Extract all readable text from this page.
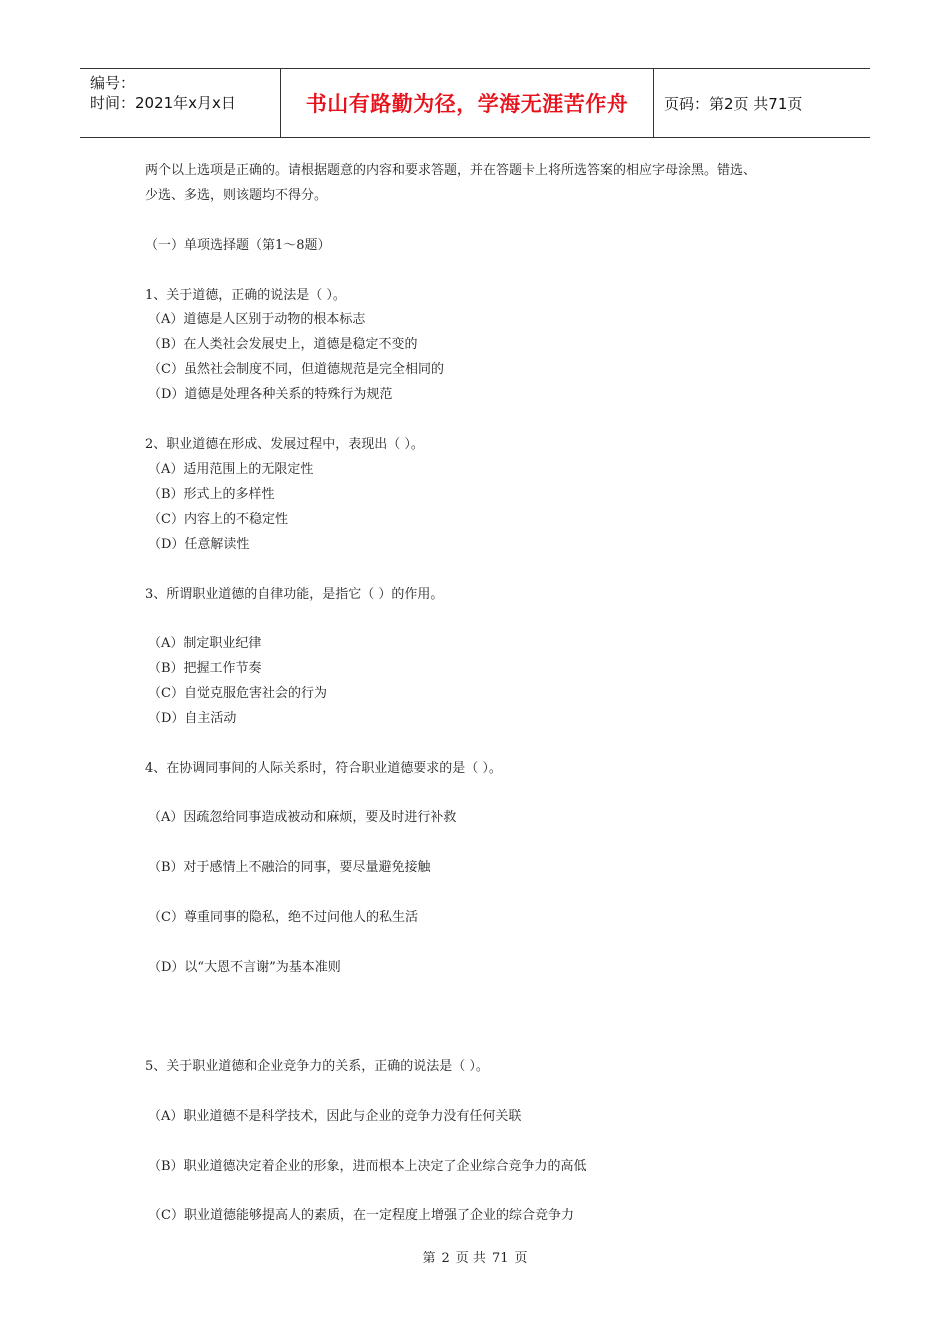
编号：
时间：2021年x月x日	书山有路勤为径，学海无涯苦作舟	页码：第2页 共71页
两个以上选项是正确的。请根据题意的内容和要求答题，并在答题卡上将所选答案的相应字母涂黑。错选、
少选、多选，则该题均不得分。
（一）单项选择题（第1～8题）
1、关于道德，正确的说法是（ ）。
（A）道德是人区别于动物的根本标志
（B）在人类社会发展史上，道德是稳定不变的
（C）虽然社会制度不同，但道德规范是完全相同的
（D）道德是处理各种关系的特殊行为规范
2、职业道德在形成、发展过程中，表现出（ ）。
（A）适用范围上的无限定性
（B）形式上的多样性
（C）内容上的不稳定性
（D）任意解读性
3、所谓职业道德的自律功能，是指它（ ）的作用。
（A）制定职业纪律
（B）把握工作节奏
（C）自觉克服危害社会的行为
（D）自主活动
4、在协调同事间的人际关系时，符合职业道德要求的是（ ）。
（A）因疏忽给同事造成被动和麻烦，要及时进行补救
（B）对于感情上不融洽的同事，要尽量避免接触
（C）尊重同事的隐私，绝不过问他人的私生活
（D）以“大恩不言谢”为基本准则
5、关于职业道德和企业竞争力的关系，正确的说法是（ ）。
（A）职业道德不是科学技术，因此与企业的竞争力没有任何关联
（B）职业道德决定着企业的形象，进而根本上决定了企业综合竞争力的高低
（C）职业道德能够提高人的素质，在一定程度上增强了企业的综合竞争力
第 2 页 共 71 页
